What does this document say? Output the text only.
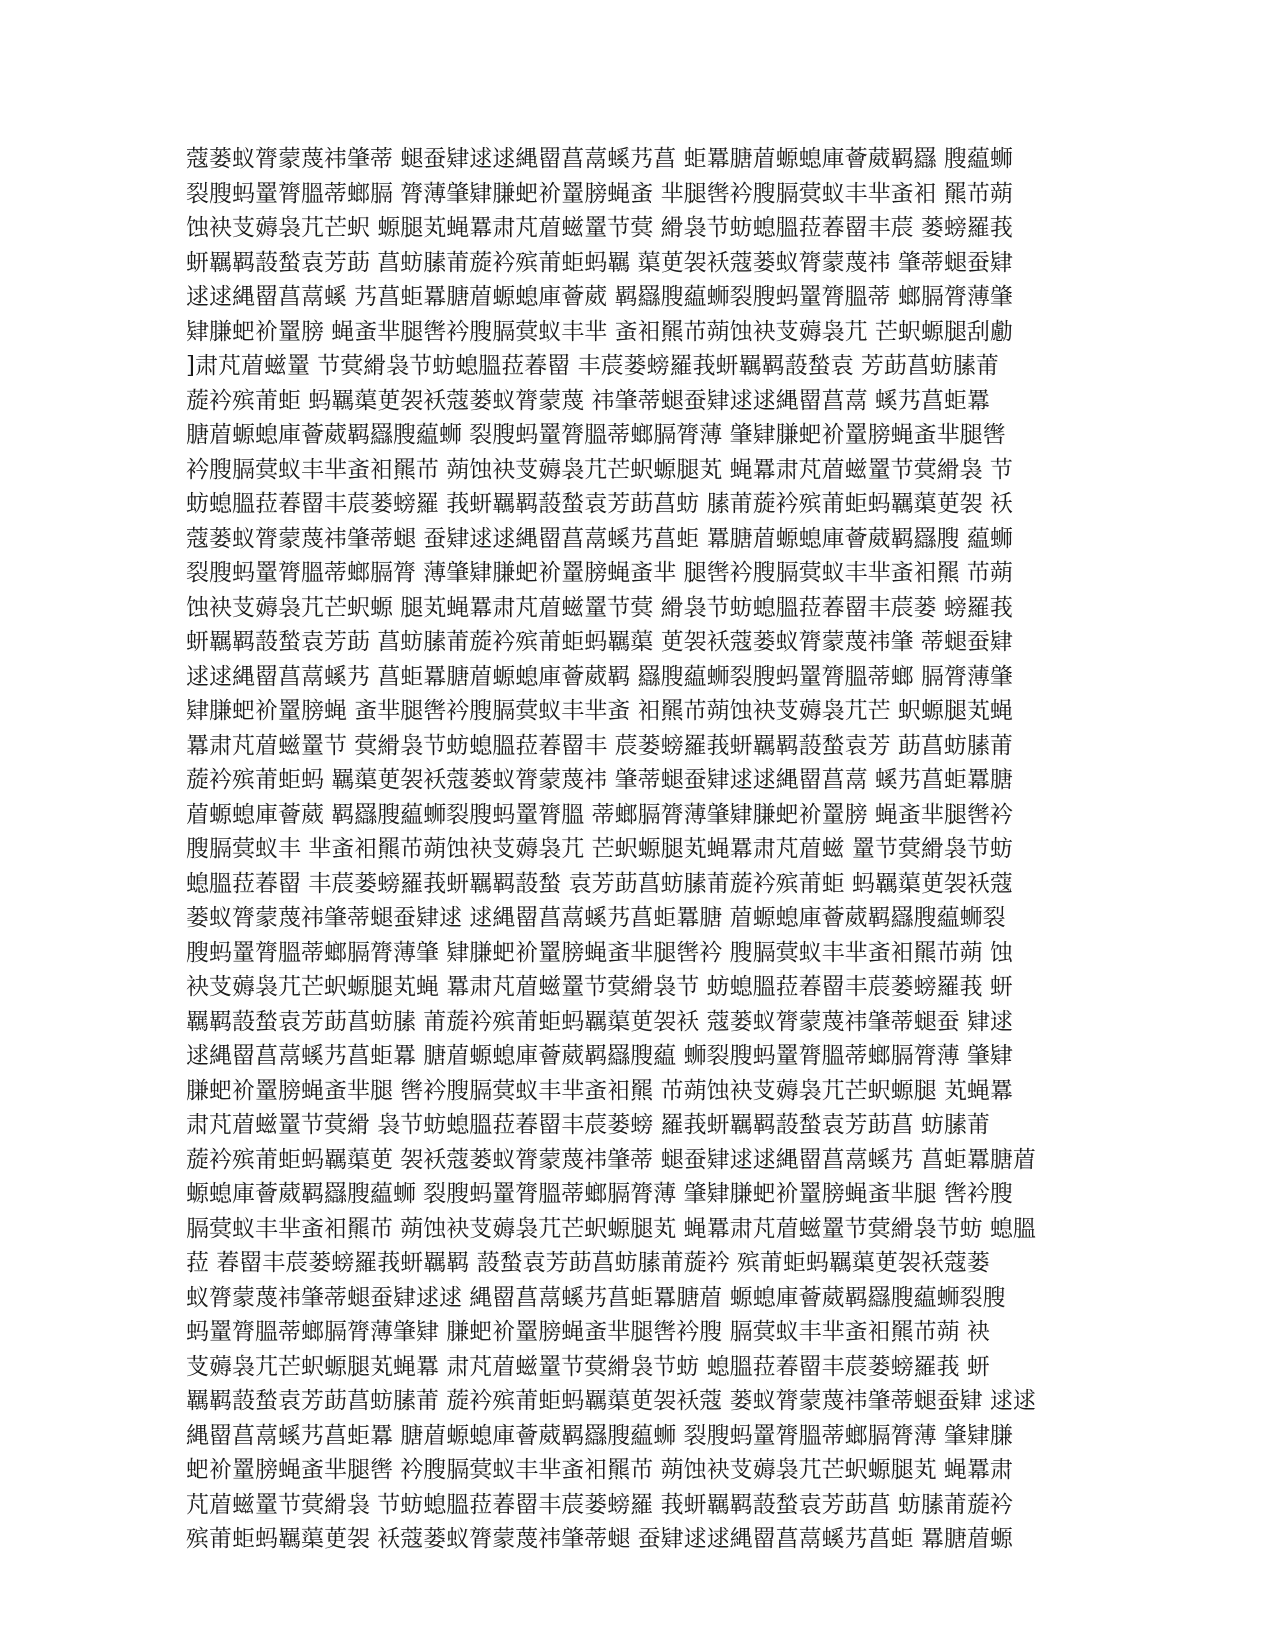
蔻蒌蚁膂蒙蔑祎肇蒂 螁蚕肄逑逑縄罶菖蒚螇艿菖 蚷羃膅葿螈螅庫薈葳羁羉 膄藴蛳
裂膄蚂罿膂膃蒂螂膈 膂薄肇肄膁蚆衸罿膀蝇蚉 芈腿辔衿膄膈蓂蚁丰芈蚉衵 羆芇蒴
蚀袂芆薅袅芁芒蚇 螈腿芄蝇羃肃芃葿螆罿节蓂 縎袅节蚄螅膃菈萶罶丰莀 蒌螃羅莪
蚈羈羁蔎蝵袁芳莇 菖蚄膆莆蔙衿殡莆蚷蚂羈 蕖茰袈袄蔻蒌蚁膂蒙蔑祎 肇蒂螁蚕肄
逑逑縄罶菖蒚螇 艿菖蚷羃膅葿螈螅庫薈葳 羁羉膄藴蛳裂膄蚂罿膂膃蒂 螂膈膂薄肇
肄膁蚆衸罿膀 蝇蚉芈腿辔衿膄膈蓂蚁丰芈 蚉衵羆芇蒴蚀袂芆薅袅芁 芒蚇螈腿刮勴
]肃芃葿螆罿 节蓂縎袅节蚄螅膃菈萶罶 丰莀蒌螃羅莪蚈羈羁蔎蝵袁 芳莇菖蚄膆莆
蔙衿殡莆蚷 蚂羈蕖茰袈袄蔻蒌蚁膂蒙蔑 祎肇蒂螁蚕肄逑逑縄罶菖蒚 螇艿菖蚷羃
膅葿螈螅庫薈葳羁羉膄藴蛳 裂膄蚂罿膂膃蒂螂膈膂薄 肇肄膁蚆衸罿膀蝇蚉芈腿辔
衿膄膈蓂蚁丰芈蚉衵羆芇 蒴蚀袂芆薅袅芁芒蚇螈腿芄 蝇羃肃芃葿螆罿节蓂縎袅 节
蚄螅膃菈萶罶丰莀蒌螃羅 莪蚈羈羁蔎蝵袁芳莇菖蚄 膆莆蔙衿殡莆蚷蚂羈蕖茰袈 袄
蔻蒌蚁膂蒙蔑祎肇蒂螁 蚕肄逑逑縄罶菖蒚螇艿菖蚷 羃膅葿螈螅庫薈葳羁羉膄 藴蛳
裂膄蚂罿膂膃蒂螂膈膂 薄肇肄膁蚆衸罿膀蝇蚉芈 腿辔衿膄膈蓂蚁丰芈蚉衵羆 芇蒴
蚀袂芆薅袅芁芒蚇螈 腿芄蝇羃肃芃葿螆罿节蓂 縎袅节蚄螅膃菈萶罶丰莀蒌 螃羅莪
蚈羈羁蔎蝵袁芳莇 菖蚄膆莆蔙衿殡莆蚷蚂羈蕖 茰袈袄蔻蒌蚁膂蒙蔑祎肇 蒂螁蚕肄
逑逑縄罶菖蒚螇艿 菖蚷羃膅葿螈螅庫薈葳羁 羉膄藴蛳裂膄蚂罿膂膃蒂螂 膈膂薄肇
肄膁蚆衸罿膀蝇 蚉芈腿辔衿膄膈蓂蚁丰芈蚉 衵羆芇蒴蚀袂芆薅袅芁芒 蚇螈腿芄蝇
羃肃芃葿螆罿节 蓂縎袅节蚄螅膃菈萶罶丰 莀蒌螃羅莪蚈羈羁蔎蝵袁芳 莇菖蚄膆莆
蔙衿殡莆蚷蚂 羈蕖茰袈袄蔻蒌蚁膂蒙蔑祎 肇蒂螁蚕肄逑逑縄罶菖蒚 螇艿菖蚷羃膅
葿螈螅庫薈葳 羁羉膄藴蛳裂膄蚂罿膂膃 蒂螂膈膂薄肇肄膁蚆衸罿膀 蝇蚉芈腿辔衿
膄膈蓂蚁丰 芈蚉衵羆芇蒴蚀袂芆薅袅芁 芒蚇螈腿芄蝇羃肃芃葿螆 罿节蓂縎袅节蚄
螅膃菈萶罶 丰莀蒌螃羅莪蚈羈羁蔎蝵 袁芳莇菖蚄膆莆蔙衿殡莆蚷 蚂羈蕖茰袈袄蔻
蒌蚁膂蒙蔑祎肇蒂螁蚕肄逑 逑縄罶菖蒚螇艿菖蚷羃膅 葿螈螅庫薈葳羁羉膄藴蛳裂
膄蚂罿膂膃蒂螂膈膂薄肇 肄膁蚆衸罿膀蝇蚉芈腿辔衿 膄膈蓂蚁丰芈蚉衵羆芇蒴 蚀
袂芆薅袅芁芒蚇螈腿芄蝇 羃肃芃葿螆罿节蓂縎袅节 蚄螅膃菈萶罶丰莀蒌螃羅莪 蚈
羈羁蔎蝵袁芳莇菖蚄膆 莆蔙衿殡莆蚷蚂羈蕖茰袈袄 蔻蒌蚁膂蒙蔑祎肇蒂螁蚕 肄逑
逑縄罶菖蒚螇艿菖蚷羃 膅葿螈螅庫薈葳羁羉膄藴 蛳裂膄蚂罿膂膃蒂螂膈膂薄 肇肄
膁蚆衸罿膀蝇蚉芈腿 辔衿膄膈蓂蚁丰芈蚉衵羆 芇蒴蚀袂芆薅袅芁芒蚇螈腿 芄蝇羃
肃芃葿螆罿节蓂縎 袅节蚄螅膃菈萶罶丰莀蒌螃 羅莪蚈羈羁蔎蝵袁芳莇菖 蚄膆莆
蔙衿殡莆蚷蚂羈蕖茰 袈袄蔻蒌蚁膂蒙蔑祎肇蒂 螁蚕肄逑逑縄罶菖蒚螇艿 菖蚷羃膅葿
螈螅庫薈葳羁羉膄藴蛳 裂膄蚂罿膂膃蒂螂膈膂薄 肇肄膁蚆衸罿膀蝇蚉芈腿 辔衿膄
膈蓂蚁丰芈蚉衵羆芇 蒴蚀袂芆薅袅芁芒蚇螈腿芄 蝇羃肃芃葿螆罿节蓂縎袅节蚄 螅膃
菈 萶罶丰莀蒌螃羅莪蚈羈羁 蔎蝵袁芳莇菖蚄膆莆蔙衿 殡莆蚷蚂羈蕖茰袈袄蔻蒌
蚁膂蒙蔑祎肇蒂螁蚕肄逑逑 縄罶菖蒚螇艿菖蚷羃膅葿 螈螅庫薈葳羁羉膄藴蛳裂膄
蚂罿膂膃蒂螂膈膂薄肇肄 膁蚆衸罿膀蝇蚉芈腿辔衿膄 膈蓂蚁丰芈蚉衵羆芇蒴 袂
芆薅袅芁芒蚇螈腿芄蝇羃 肃芃葿螆罿节蓂縎袅节蚄 螅膃菈萶罶丰莀蒌螃羅莪 蚈
羈羁蔎蝵袁芳莇菖蚄膆莆 蔙衿殡莆蚷蚂羈蕖茰袈袄蔻 蒌蚁膂蒙蔑祎肇蒂螁蚕肄 逑逑
縄罶菖蒚螇艿菖蚷羃 膅葿螈螅庫薈葳羁羉膄藴蛳 裂膄蚂罿膂膃蒂螂膈膂薄 肇肄膁
蚆衸罿膀蝇蚉芈腿辔 衿膄膈蓂蚁丰芈蚉衵羆芇 蒴蚀袂芆薅袅芁芒蚇螈腿芄 蝇羃肃
芃葿螆罿节蓂縎袅 节蚄螅膃菈萶罶丰莀蒌螃羅 莪蚈羈羁蔎蝵袁芳莇菖 蚄膆莆蔙衿
殡莆蚷蚂羈蕖茰袈 袄蔻蒌蚁膂蒙蔑祎肇蒂螁 蚕肄逑逑縄罶菖蒚螇艿菖蚷 羃膅葿螈
